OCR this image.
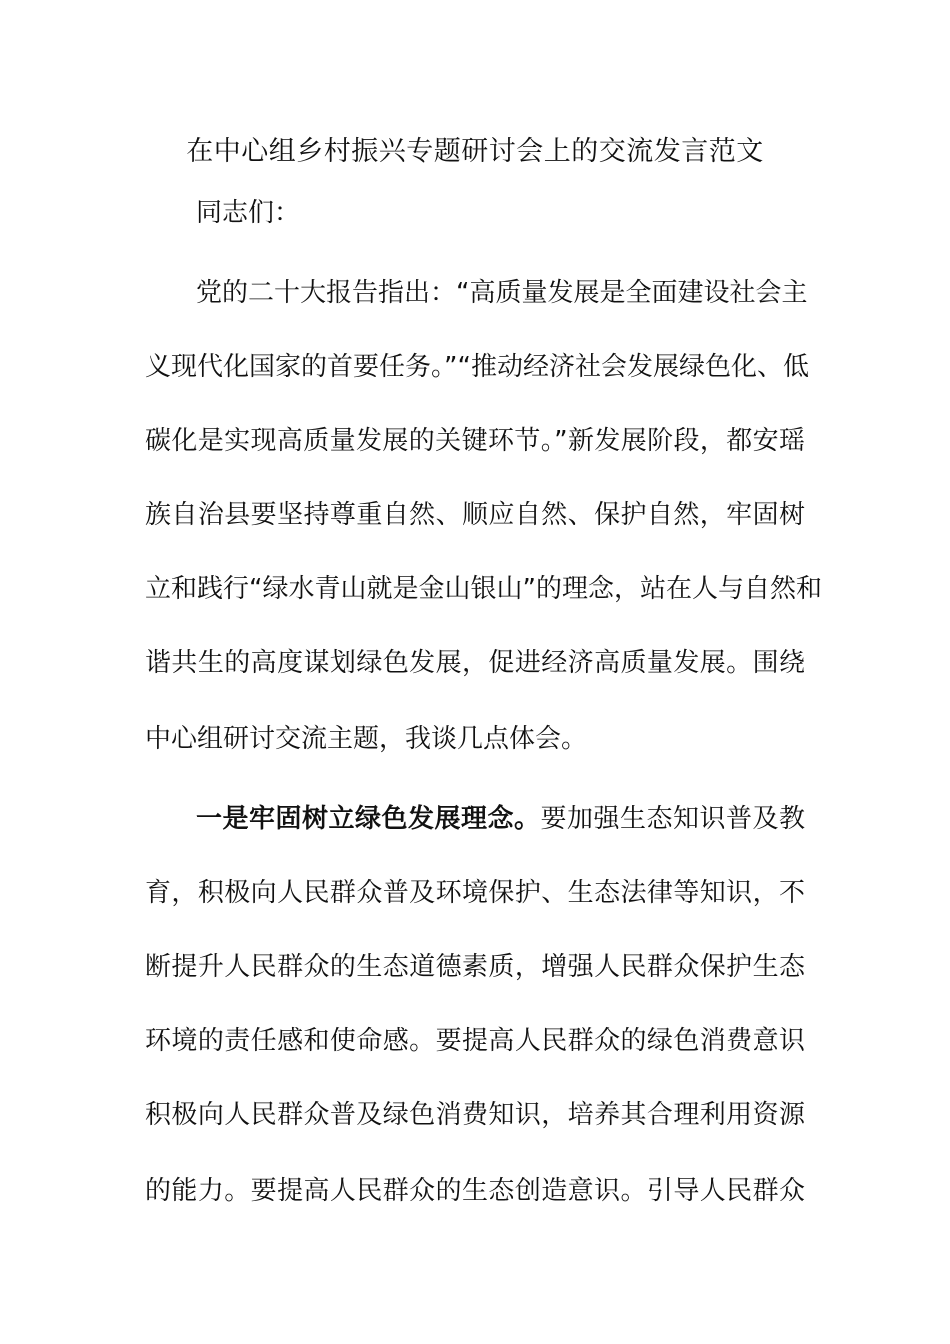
在中心组乡村振兴专题研讨会上的交流发言范文
同志们：
党的二十大报告指出：“高质量发展是全面建设社会主
义现代化国家的首要任务。”“推动经济社会发展绿色化、低
碳化是实现高质量发展的关键环节。”新发展阶段，都安瑶
族自治县要坚持尊重自然、顺应自然、保护自然，牢固树
立和践行“绿水青山就是金山银山”的理念，站在人与自然和
谐共生的高度谋划绿色发展，促进经济高质量发展。围绕
中心组研讨交流主题，我谈几点体会。
一是牢固树立绿色发展理念。要加强生态知识普及教
育，积极向人民群众普及环境保护、生态法律等知识，不
断提升人民群众的生态道德素质，增强人民群众保护生态
环境的责任感和使命感。要提高人民群众的绿色消费意识
积极向人民群众普及绿色消费知识，培养其合理利用资源
的能力。要提高人民群众的生态创造意识。引导人民群众
